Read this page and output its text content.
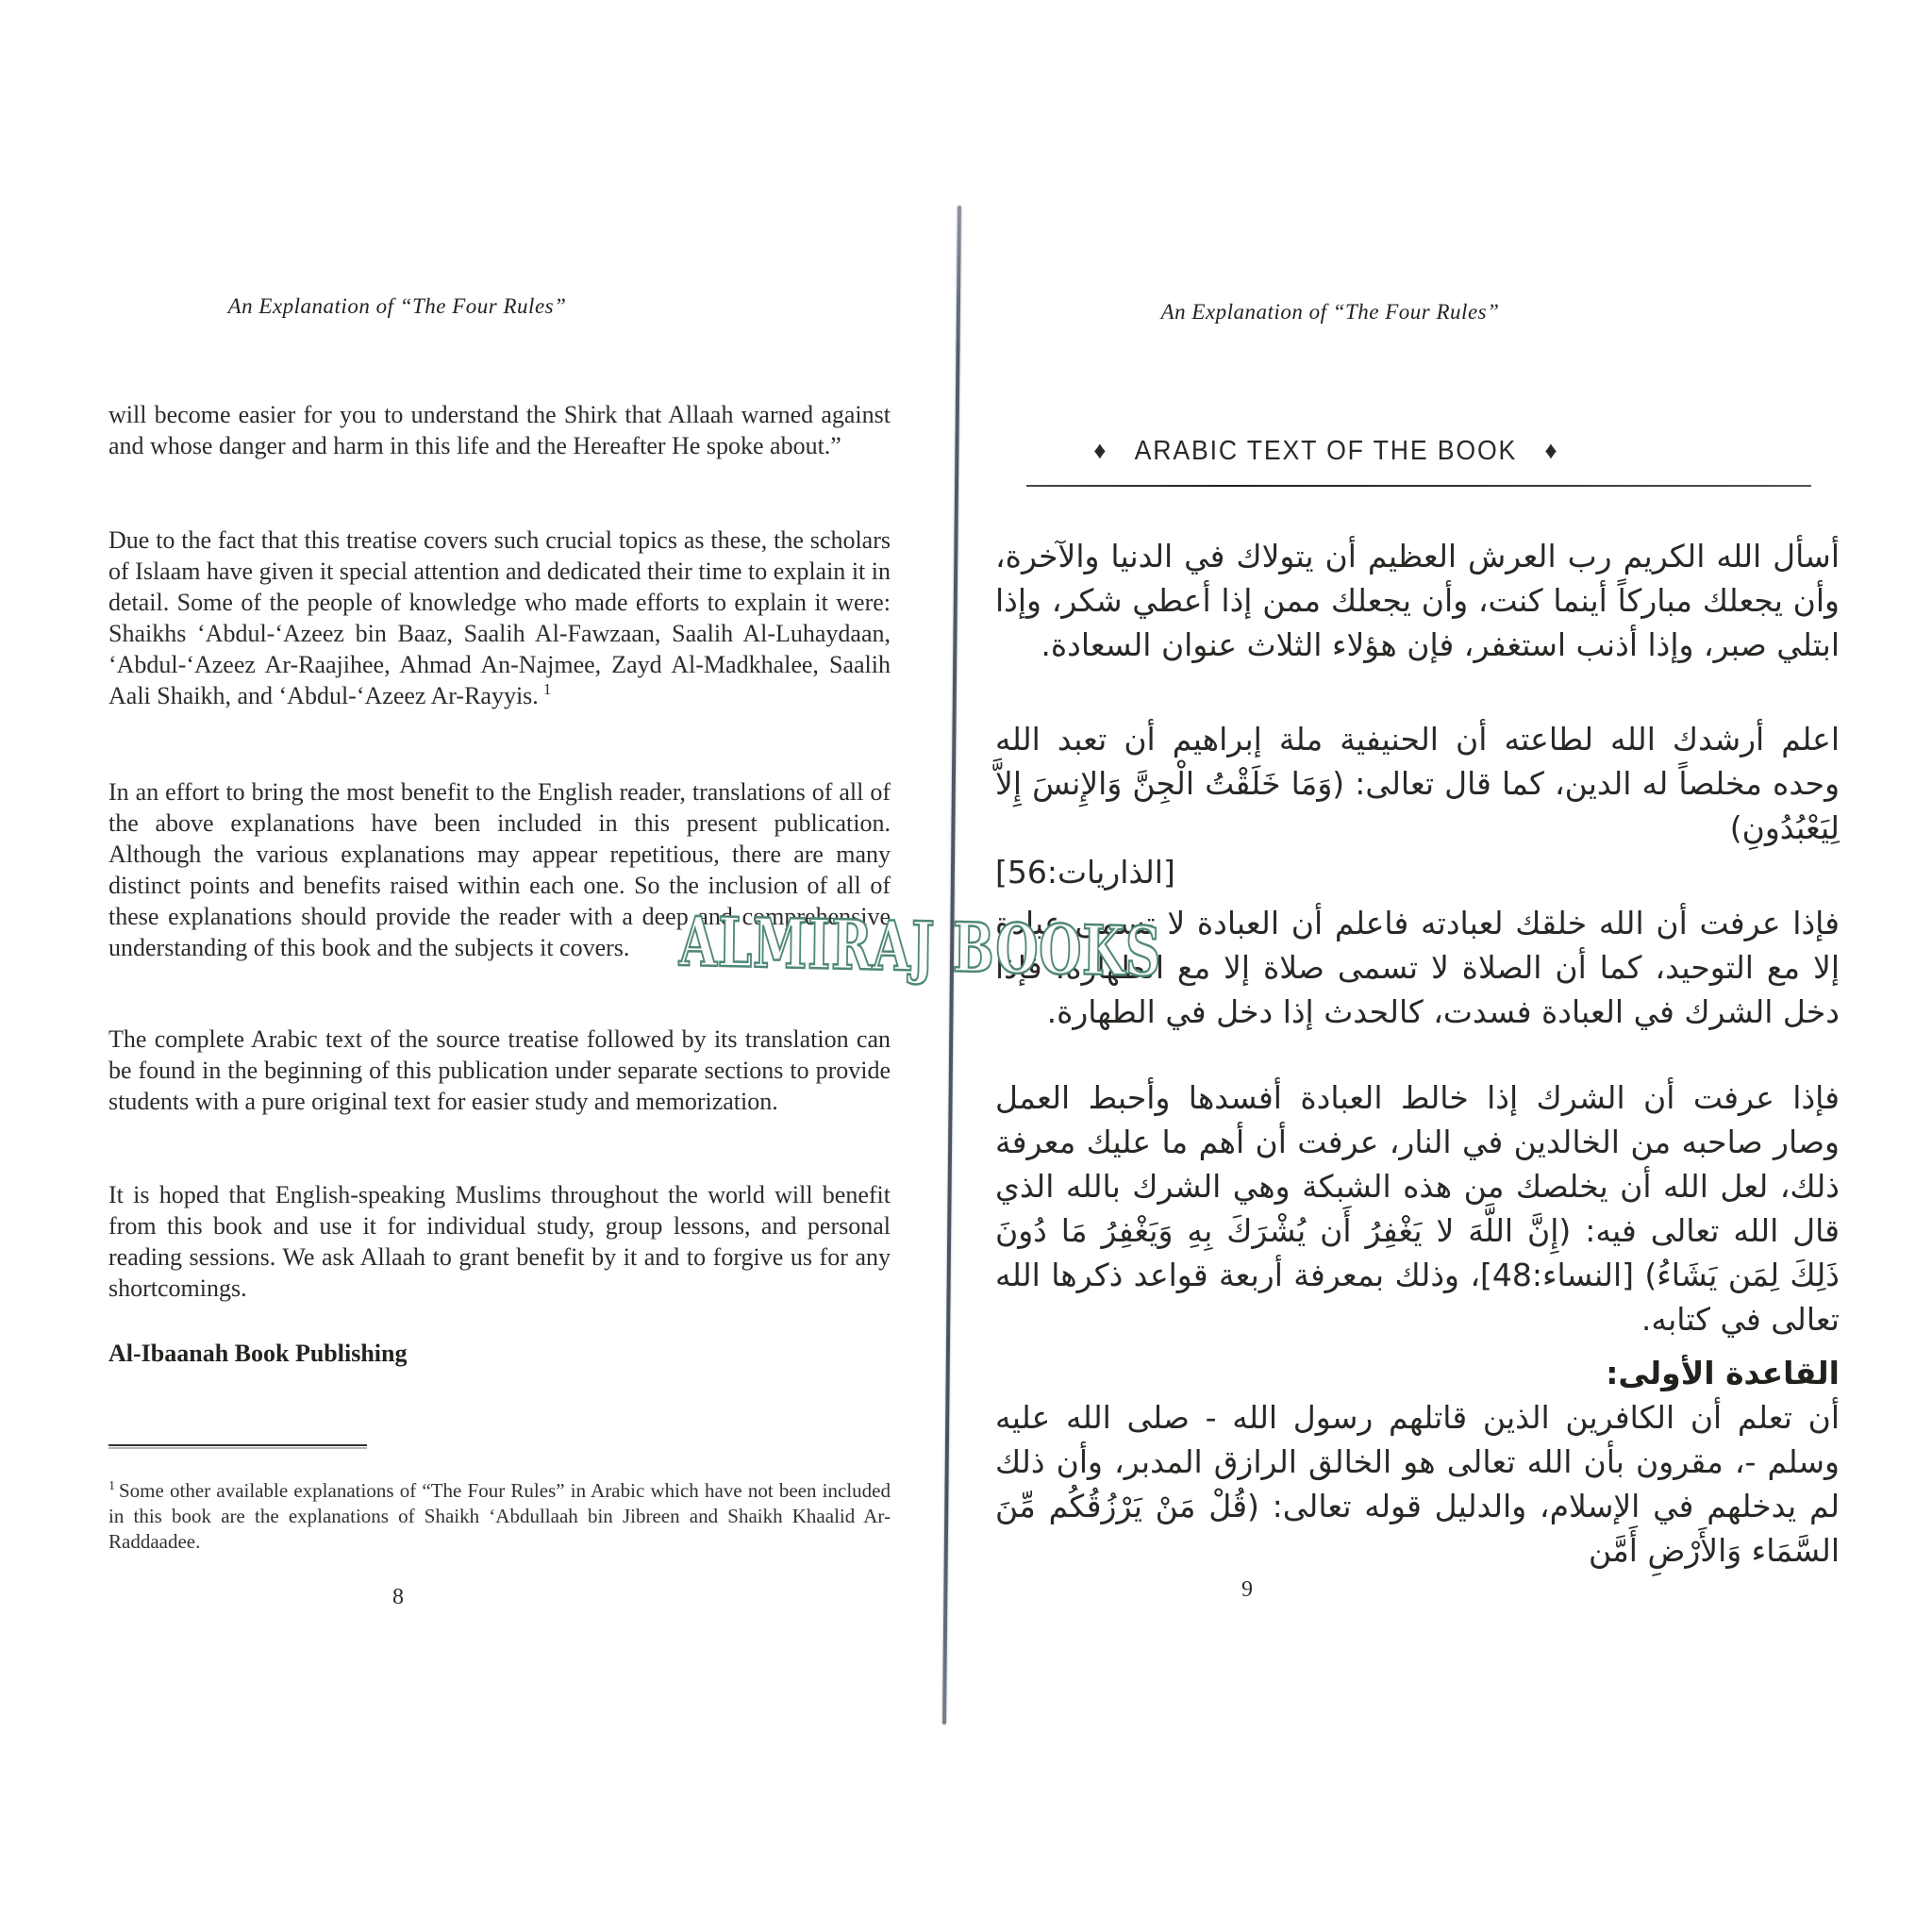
An Explanation of “The Four Rules”

will become easier for you to understand the Shirk that Allaah warned against and whose danger and harm in this life and the Hereafter He spoke about.”

Due to the fact that this treatise covers such crucial topics as these, the scholars of Islaam have given it special attention and dedicated their time to explain it in detail. Some of the people of knowledge who made efforts to explain it were: Shaikhs ‘Abdul-‘Azeez bin Baaz, Saalih Al-Fawzaan, Saalih Al-Luhaydaan, ‘Abdul-‘Azeez Ar-Raajihee, Ahmad An-Najmee, Zayd Al-Madkhalee, Saalih Aali Shaikh, and ‘Abdul-‘Azeez Ar-Rayyis. $^1$

In an effort to bring the most benefit to the English reader, translations of all of the above explanations have been included in this present publication. Although the various explanations may appear repetitious, there are many distinct points and benefits raised within each one. So the inclusion of all of these explanations should provide the reader with a deep and comprehensive understanding of this book and the subjects it covers.

The complete Arabic text of the source treatise followed by its translation can be found in the beginning of this publication under separate sections to provide students with a pure original text for easier study and memorization.

It is hoped that English-speaking Muslims throughout the world will benefit from this book and use it for individual study, group lessons, and personal reading sessions. We ask Allaah to grant benefit by it and to forgive us for any shortcomings.

Al-Ibaanah Book Publishing

$^1$ Some other available explanations of “The Four Rules” in Arabic which have not been included in this book are the explanations of Shaikh ‘Abdullaah bin Jibreen and Shaikh Khaalid Ar-Raddaadee.

8
An Explanation of “The Four Rules”
♦ ARABIC TEXT OF THE BOOK ♦

أسأل الله الكريم رب العرش العظيم أن يتولاك في الدنيا والآخرة، وأن يجعلك مباركاً أينما كنت، وأن يجعلك ممن إذا أعطي شكر، وإذا ابتلي صبر، وإذا أذنب استغفر، فإن هؤلاء الثلاث عنوان السعادة.

اعلم أرشدك الله لطاعته أن الحنيفية ملة إبراهيم أن تعبد الله وحده مخلصاً له الدين، كما قال تعالى: (وَمَا خَلَقْتُ الْجِنَّ وَالإِنسَ إِلاَّ لِيَعْبُدُونِ)

[الذاريات:56]

فإذا عرفت أن الله خلقك لعبادته فاعلم أن العبادة لا تسمى عبادة إلا مع التوحيد، كما أن الصلاة لا تسمى صلاة إلا مع الطهارة، فإذا دخل الشرك في العبادة فسدت، كالحدث إذا دخل في الطهارة.

فإذا عرفت أن الشرك إذا خالط العبادة أفسدها وأحبط العمل وصار صاحبه من الخالدين في النار، عرفت أن أهم ما عليك معرفة ذلك، لعل الله أن يخلصك من هذه الشبكة وهي الشرك بالله الذي قال الله تعالى فيه: (إِنَّ اللَّهَ لا يَغْفِرُ أَن يُشْرَكَ بِهِ وَيَغْفِرُ مَا دُونَ ذَلِكَ لِمَن يَشَاءُ) [النساء:48]، وذلك بمعرفة أربعة قواعد ذكرها الله تعالى في كتابه.

القاعدة الأولى:

أن تعلم أن الكافرين الذين قاتلهم رسول الله - صلى الله عليه وسلم -، مقرون بأن الله تعالى هو الخالق الرازق المدبر، وأن ذلك لم يدخلهم في الإسلام، والدليل قوله تعالى: (قُلْ مَنْ يَرْزُقُكُم مِّنَ السَّمَاء وَالأَرْضِ أَمَّن

9
ALMIRAJ BOOKS
